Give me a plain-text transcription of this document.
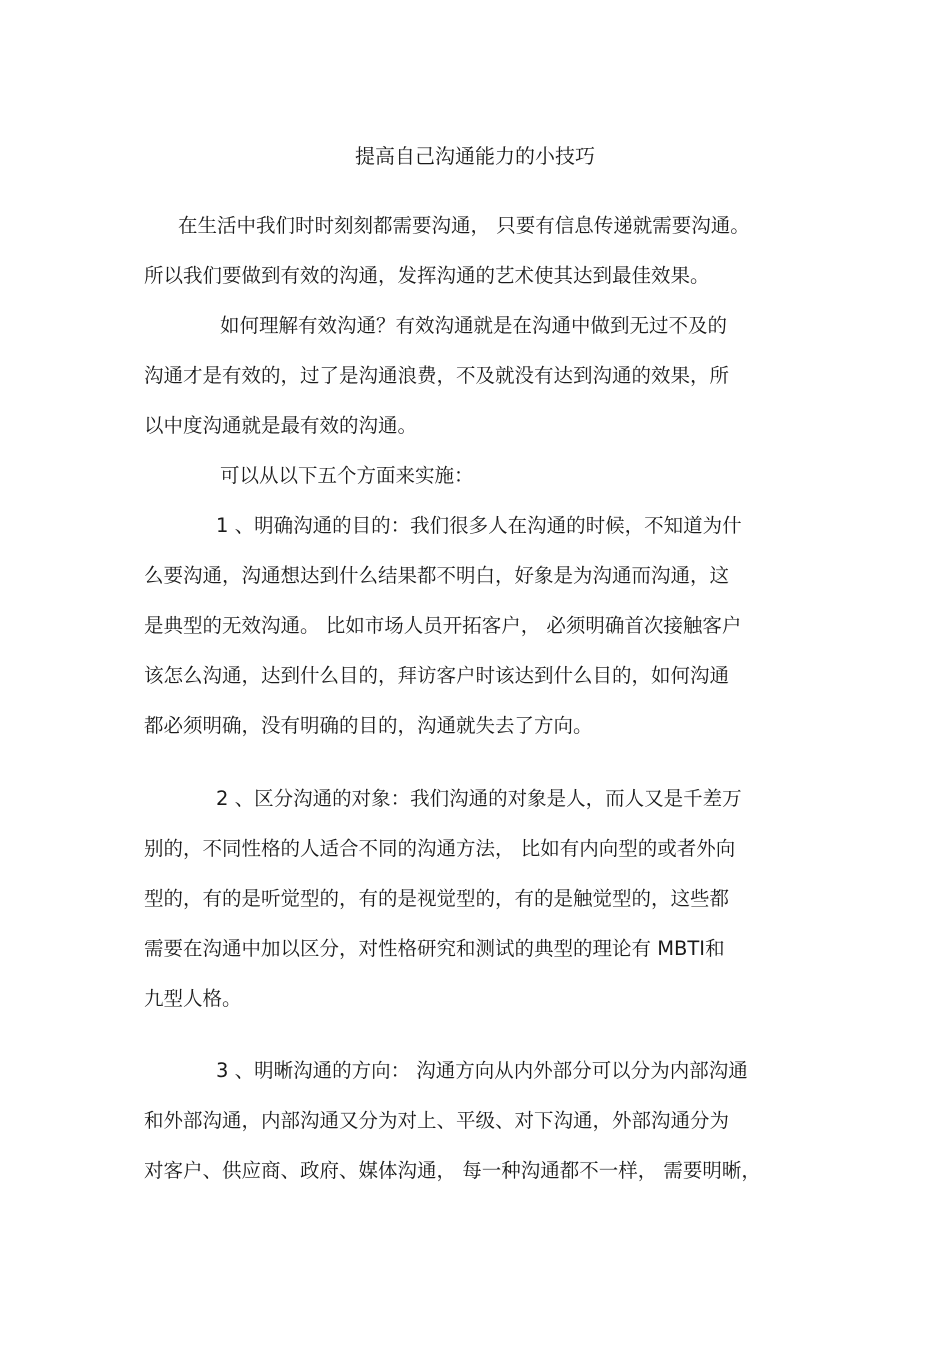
提高自己沟通能力的小技巧
在生活中我们时时刻刻都需要沟通， 只要有信息传递就需要沟通。
所以我们要做到有效的沟通，发挥沟通的艺术使其达到最佳效果。
如何理解有效沟通？有效沟通就是在沟通中做到无过不及的
沟通才是有效的，过了是沟通浪费，不及就没有达到沟通的效果，所
以中度沟通就是最有效的沟通。
可以从以下五个方面来实施：
1 、明确沟通的目的：我们很多人在沟通的时候，不知道为什
么要沟通，沟通想达到什么结果都不明白，好象是为沟通而沟通，这
是典型的无效沟通。 比如市场人员开拓客户， 必须明确首次接触客户
该怎么沟通，达到什么目的，拜访客户时该达到什么目的，如何沟通
都必须明确，没有明确的目的，沟通就失去了方向。
2 、区分沟通的对象：我们沟通的对象是人，而人又是千差万
别的，不同性格的人适合不同的沟通方法， 比如有内向型的或者外向
型的，有的是听觉型的，有的是视觉型的，有的是触觉型的，这些都
需要在沟通中加以区分，对性格研究和测试的典型的理论有 MBTI和
九型人格。
3 、明晰沟通的方向： 沟通方向从内外部分可以分为内部沟通
和外部沟通，内部沟通又分为对上、平级、对下沟通，外部沟通分为
对客户、供应商、政府、媒体沟通， 每一种沟通都不一样， 需要明晰，
